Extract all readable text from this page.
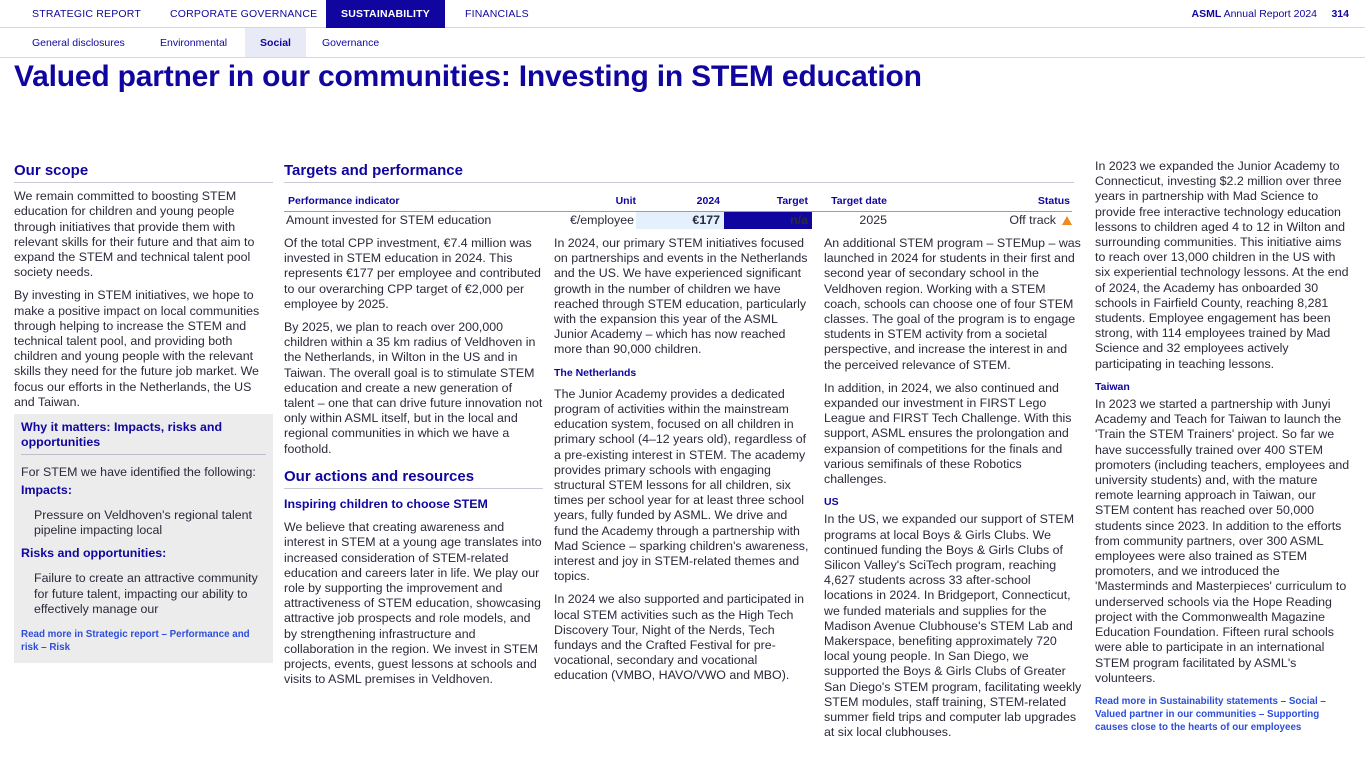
STRATEGIC REPORT	CORPORATE GOVERNANCE	SUSTAINABILITY	FINANCIALS	ASML Annual Report 2024 314
General disclosures	Environmental	Social	Governance
Valued partner in our communities: Investing in STEM education
Our scope

We remain committed to boosting STEM education for children and young people through initiatives that provide them with relevant skills for their future and that aim to expand the STEM and technical talent pool society needs.

By investing in STEM initiatives, we hope to make a positive impact on local communities through helping to increase the STEM and technical talent pool, and providing both children and young people with the relevant skills they need for the future job market. We focus our efforts in the Netherlands, the US and Taiwan.

Why it matters: Impacts, risks and opportunities
For STEM we have identified the following:
Impacts:
Pressure on Veldhoven's regional talent pipeline impacting local
Risks and opportunities:
Failure to create an attractive community for future talent, impacting our ability to effectively manage our
Read more in Strategic report – Performance and risk – Risk
Targets and performance
Performance indicator	Unit	2024	Target	Target date	Status
Amount invested for STEM education	€/employee	€177	n/a	2025	Off track

Of the total CPP investment, €7.4 million was invested in STEM education in 2024. This represents €177 per employee and contributed to our overarching CPP target of €2,000 per employee by 2025.

By 2025, we plan to reach over 200,000 children within a 35 km radius of Veldhoven in the Netherlands, in Wilton in the US and in Taiwan. The overall goal is to stimulate STEM education and create a new generation of talent – one that can drive future innovation not only within ASML itself, but in the local and regional communities in which we have a foothold.

Our actions and resources
Inspiring children to choose STEM

We believe that creating awareness and interest in STEM at a young age translates into increased consideration of STEM-related education and careers later in life. We play our role by supporting the improvement and attractiveness of STEM education, showcasing attractive job prospects and role models, and by strengthening infrastructure and collaboration in the region. We invest in STEM projects, events, guest lessons at schools and visits to ASML premises in Veldhoven.

In 2024, our primary STEM initiatives focused on partnerships and events in the Netherlands and the US. We have experienced significant growth in the number of children we have reached through STEM education, particularly with the expansion this year of the ASML Junior Academy – which has now reached more than 90,000 children.

The Netherlands

The Junior Academy provides a dedicated program of activities within the mainstream education system, focused on all children in primary school (4–12 years old), regardless of a pre-existing interest in STEM. The academy provides primary schools with engaging structural STEM lessons for all children, six times per school year for at least three school years, fully funded by ASML. We drive and fund the Academy through a partnership with Mad Science – sparking children's awareness, interest and joy in STEM-related themes and topics.

In 2024 we also supported and participated in local STEM activities such as the High Tech Discovery Tour, Night of the Nerds, Tech fundays and the Crafted Festival for pre-vocational, secondary and vocational education (VMBO, HAVO/VWO and MBO).

An additional STEM program – STEMup – was launched in 2024 for students in their first and second year of secondary school in the Veldhoven region. Working with a STEM coach, schools can choose one of four STEM classes. The goal of the program is to engage students in STEM activity from a societal perspective, and increase the interest in and the perceived relevance of STEM.

In addition, in 2024, we also continued and expanded our investment in FIRST Lego League and FIRST Tech Challenge. With this support, ASML ensures the prolongation and expansion of competitions for the finals and various semifinals of these Robotics challenges.

US

In the US, we expanded our support of STEM programs at local Boys & Girls Clubs. We continued funding the Boys & Girls Clubs of Silicon Valley's SciTech program, reaching 4,627 students across 33 after-school locations in 2024. In Bridgeport, Connecticut, we funded materials and supplies for the Madison Avenue Clubhouse's STEM Lab and Makerspace, benefiting approximately 720 local young people. In San Diego, we supported the Boys & Girls Clubs of Greater San Diego's STEM program, facilitating weekly STEM modules, staff training, STEM-related summer field trips and computer lab upgrades at six local clubhouses.

In 2023 we expanded the Junior Academy to Connecticut, investing $2.2 million over three years in partnership with Mad Science to provide free interactive technology education lessons to children aged 4 to 12 in Wilton and surrounding communities. This initiative aims to reach over 13,000 children in the US with six experiential technology lessons. At the end of 2024, the Academy has onboarded 30 schools in Fairfield County, reaching 8,281 students. Employee engagement has been strong, with 114 employees trained by Mad Science and 32 employees actively participating in teaching lessons.

Taiwan

In 2023 we started a partnership with Junyi Academy and Teach for Taiwan to launch the 'Train the STEM Trainers' project. So far we have successfully trained over 400 STEM promoters (including teachers, employees and university students) and, with the mature remote learning approach in Taiwan, our STEM content has reached over 50,000 students since 2023. In addition to the efforts from community partners, over 300 ASML employees were also trained as STEM promoters, and we introduced the 'Masterminds and Masterpieces' curriculum to underserved schools via the Hope Reading project with the Commonwealth Magazine Education Foundation. Fifteen rural schools were able to participate in an international STEM program facilitated by ASML's volunteers.

Read more in Sustainability statements – Social – Valued partner in our communities – Supporting causes close to the hearts of our employees
